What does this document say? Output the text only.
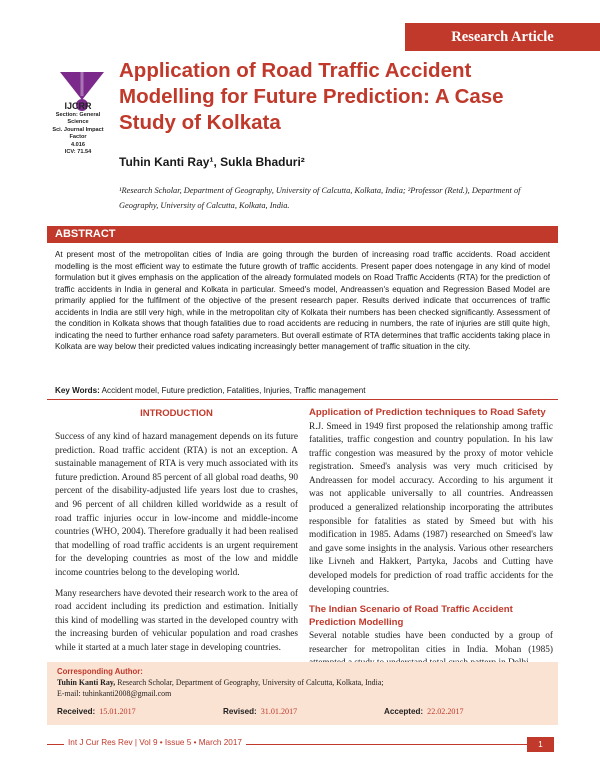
Research Article
IJCRR
Section: General Science
Sci. Journal Impact Factor
4.016
ICV: 71.54
Application of Road Traffic Accident Modelling for Future Prediction: A Case Study of Kolkata
Tuhin Kanti Ray¹, Sukla Bhaduri²
¹Research Scholar, Department of Geography, University of Calcutta, Kolkata, India; ²Professor (Retd.), Department of Geography, University of Calcutta, Kolkata, India.
ABSTRACT
At present most of the metropolitan cities of India are going through the burden of increasing road traffic accidents. Road accident modelling is the most efficient way to estimate the future growth of traffic accidents. Present paper does notengage in any kind of model formulation but it gives emphasis on the application of the already formulated models on Road Traffic Accidents (RTA) for the prediction of traffic accidents in India in general and Kolkata in particular. Smeed's model, Andreassen's equation and Regression Based Model are primarily applied for the fulfilment of the objective of the present research paper. Results derived indicate that occurrences of traffic accidents in India are still very high, while in the metropolitan city of Kolkata their numbers has been checked significantly. Assessment of the condition in Kolkata shows that though fatalities due to road accidents are reducing in numbers, the rate of injuries are still quite high, indicating the need to further enhance road safety parameters. But overall estimate of RTA determines that traffic accidents taking place in Kolkata are way below their predicted values indicating increasingly better management of traffic situation in the city.
Key Words: Accident model, Future prediction, Fatalities, Injuries, Traffic management
INTRODUCTION

Success of any kind of hazard management depends on its future prediction. Road traffic accident (RTA) is not an exception. A sustainable management of RTA is very much associated with its future prediction. Around 85 percent of all global road deaths, 90 percent of the disability-adjusted life years lost due to crashes, and 96 percent of all children killed worldwide as a result of road traffic injuries occur in low-income and middle-income countries (WHO, 2004). Therefore gradually it had been realised that modelling of road traffic accidents is an urgent requirement for the developing countries as most of the low and middle income countries belong to the developing world.

Many researchers have devoted their research work to the area of road accident including its prediction and estimation. Initially this kind of modelling was started in the developed country with the increasing burden of vehicular population and road crashes while it started at a much later stage in developing countries.

Application of Prediction techniques to Road Safety

R.J. Smeed in 1949 first proposed the relationship among traffic fatalities, traffic congestion and country population. In his law traffic congestion was measured by the proxy of motor vehicle registration. Smeed's analysis was very much criticised by Andreassen for model accuracy. According to his argument it was not applicable universally to all countries. Andreassen produced a generalized relationship incorporating the attributes responsible for fatalities as stated by Smeed but with his modification in 1985. Adams (1987) researched on Smeed's law and gave some insights in the analysis. Various other researchers like Livneh and Hakkert, Partyka, Jacobs and Cutting have developed models for prediction of road traffic accidents for the developing countries.

The Indian Scenario of Road Traffic Accident Prediction Modelling

Several notable studies have been conducted by a group of researcher for metropolitan cities in India. Mohan (1985)

Corresponding Author:
Tuhin Kanti Ray, Research Scholar, Department of Geography, University of Calcutta, Kolkata, India;
E-mail: tuhinkanti2008@gmail.com
Received: 15.01.2017	Revised: 31.01.2017	Accepted: 22.02.2017
Int J Cur Res Rev | Vol 9 • Issue 5 • March 2017	1
